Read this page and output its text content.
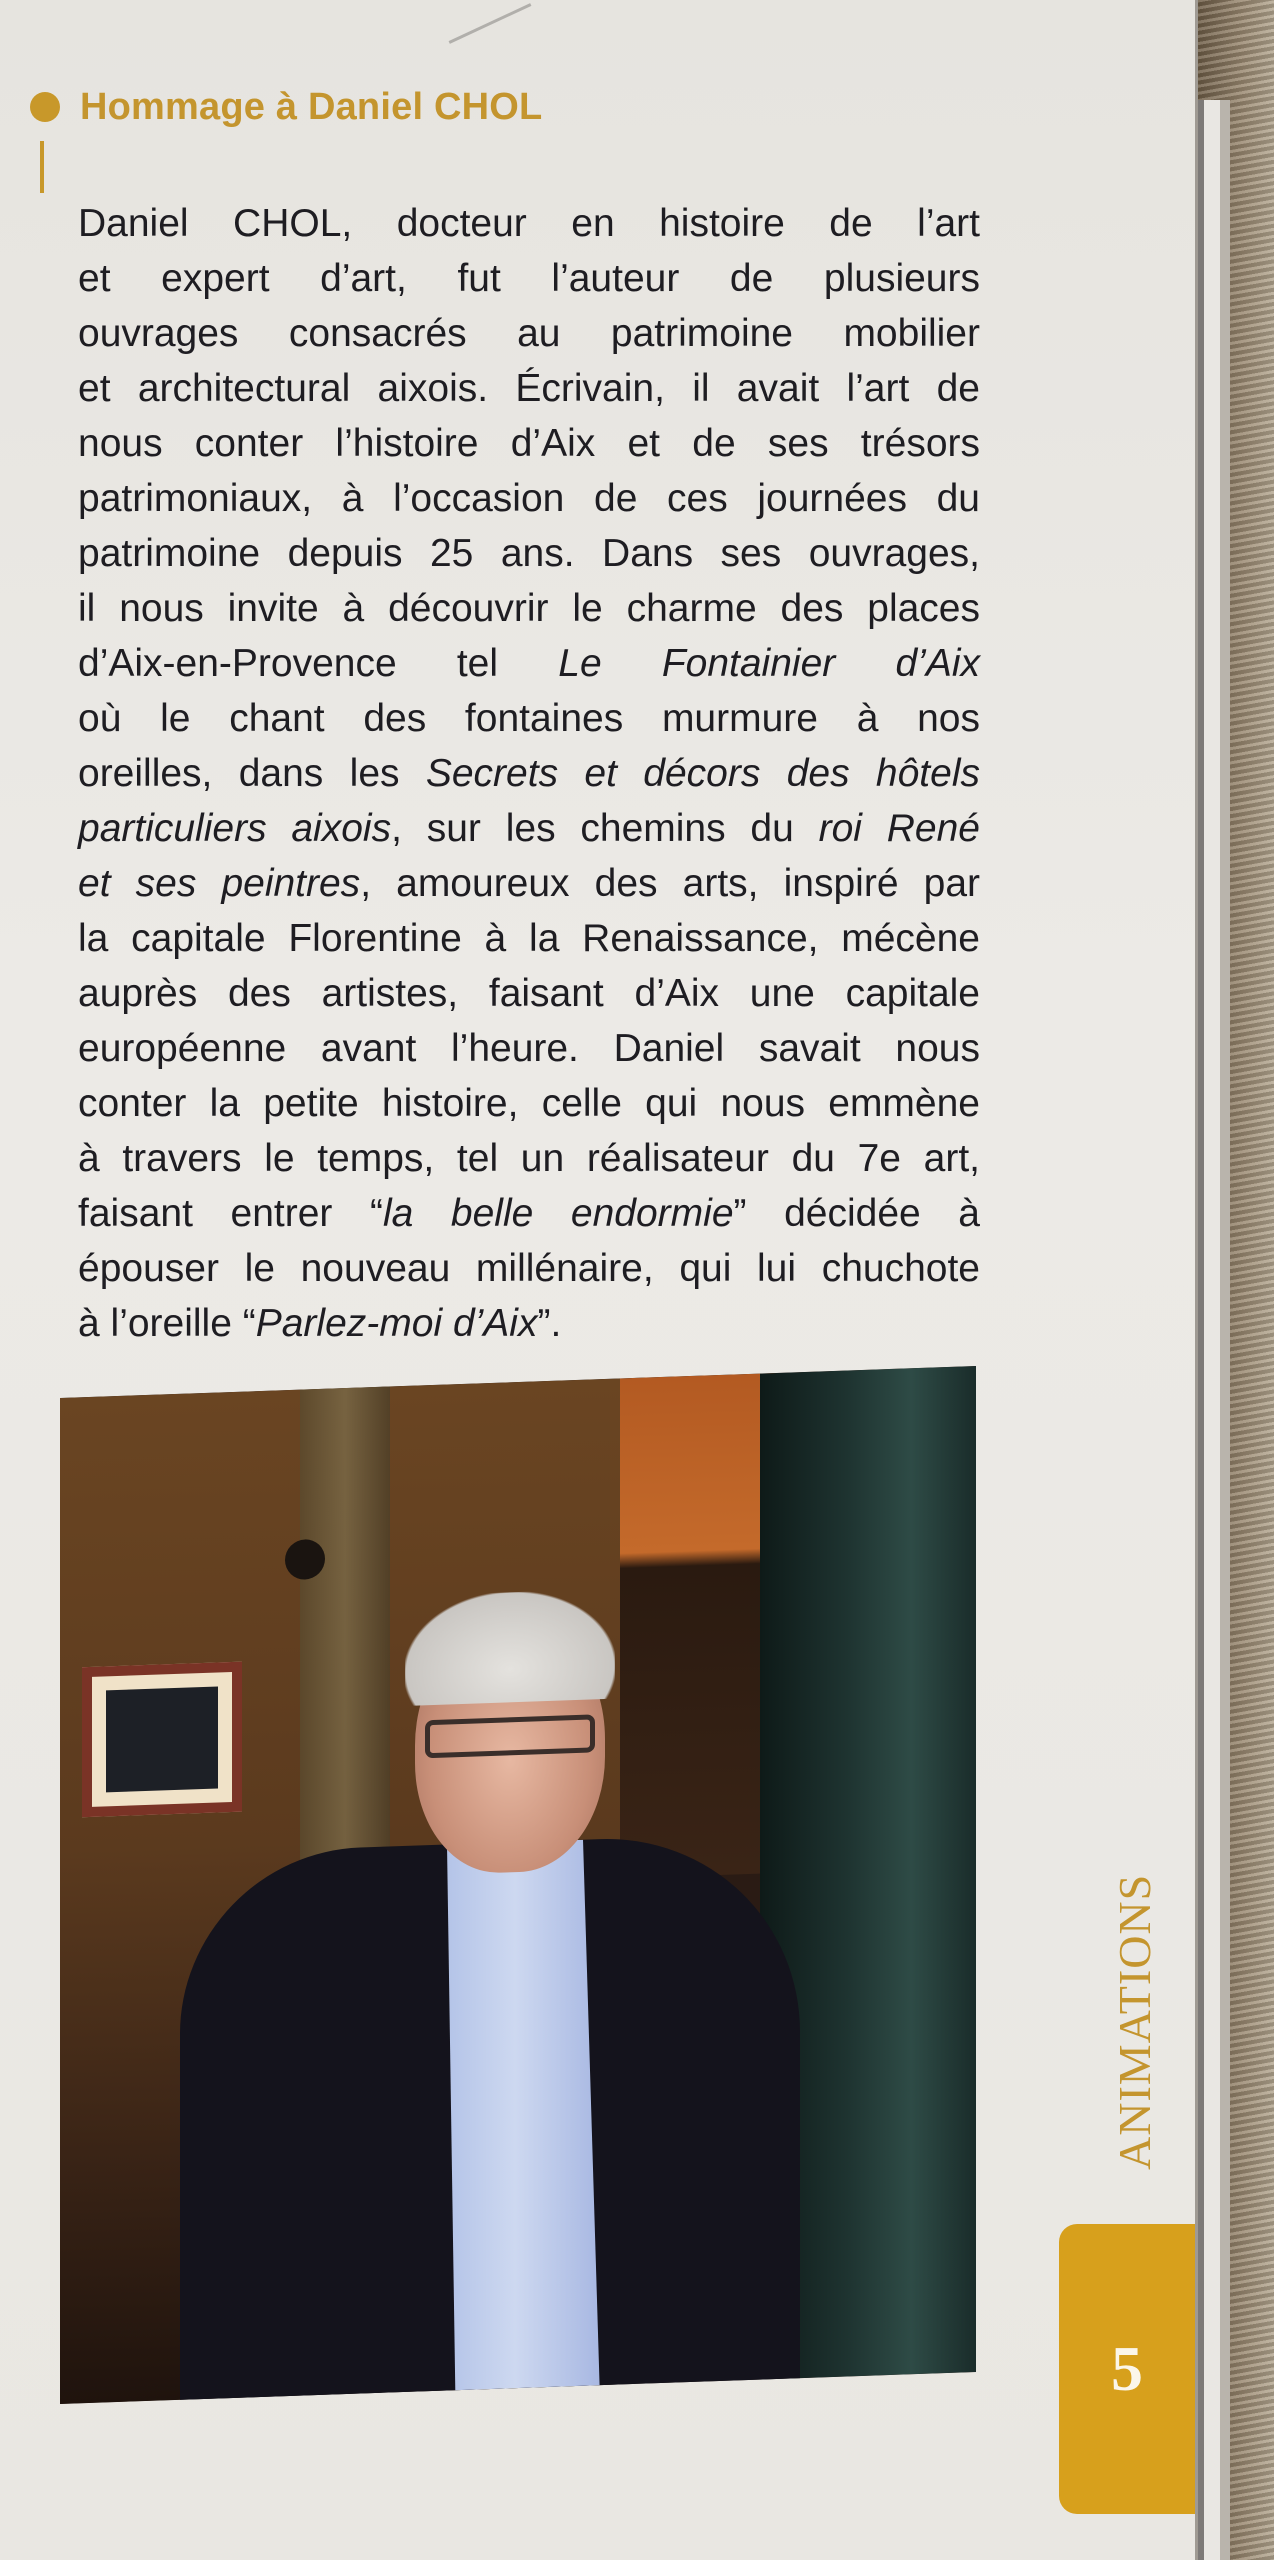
Hommage à Daniel CHOL
Daniel CHOL, docteur en histoire de l’art
et expert d’art, fut l’auteur de plusieurs
ouvrages consacrés au patrimoine mobilier
et architectural aixois. Écrivain, il avait l’art de
nous conter l’histoire d’Aix et de ses trésors
patrimoniaux, à l’occasion de ces journées du
patrimoine depuis 25 ans. Dans ses ouvrages,
il nous invite à découvrir le charme des places
d’Aix-en-Provence tel Le Fontainier d’Aix
où le chant des fontaines murmure à nos
oreilles, dans les Secrets et décors des hôtels
particuliers aixois, sur les chemins du roi René
et ses peintres, amoureux des arts, inspiré par
la capitale Florentine à la Renaissance, mécène
auprès des artistes, faisant d’Aix une capitale
européenne avant l’heure. Daniel savait nous
conter la petite histoire, celle qui nous emmène
à travers le temps, tel un réalisateur du 7e art,
faisant entrer “la belle endormie” décidée à
épouser le nouveau millénaire, qui lui chuchote
à l’oreille “Parlez-moi d’Aix”.
ANIMATIONS
5
